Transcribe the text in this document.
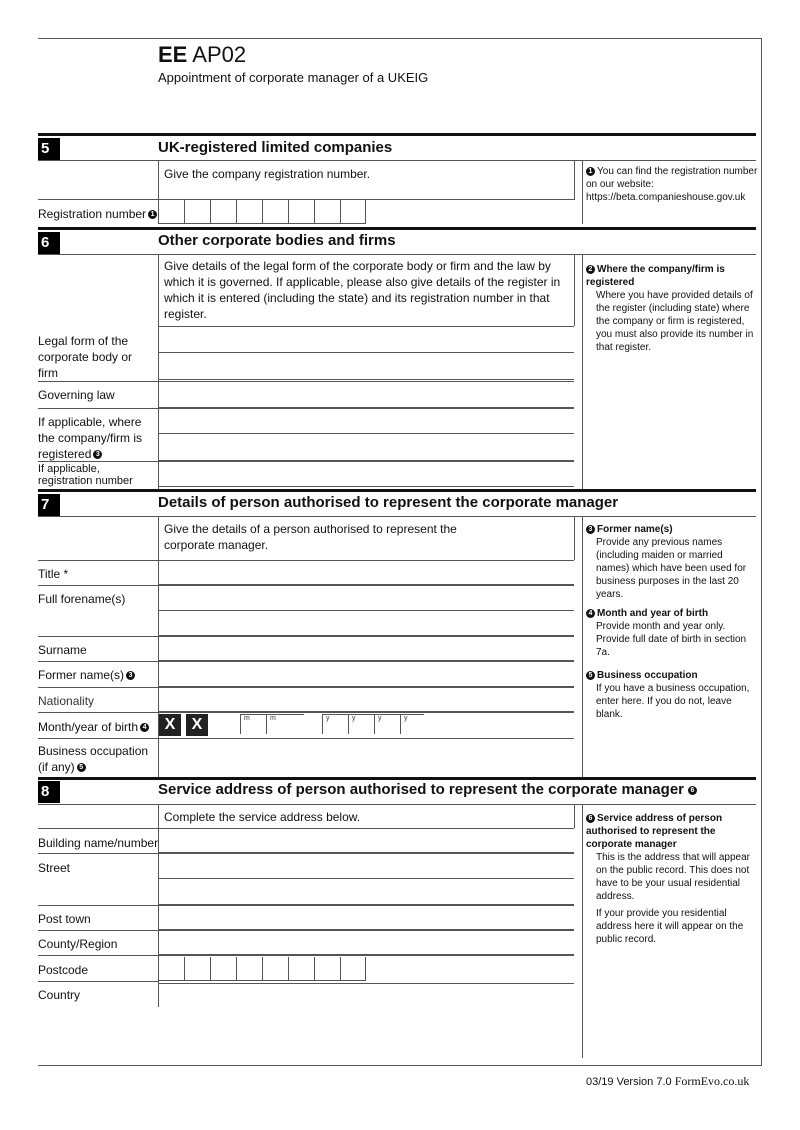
EE AP02
Appointment of corporate manager of a UKEIG
5	UK-registered limited companies
Give the company registration number.	1 You can find the registration number on our website: https://beta.companieshouse.gov.uk
Registration number 1
6	Other corporate bodies and firms
Give details of the legal form of the corporate body or firm and the law by which it is governed. If applicable, please also give details of the register in which it is entered (including the state) and its registration number in that register.
2 Where the company/firm is registered
Where you have provided details of the register (including state) where the company or firm is registered, you must also provide its number in that register.
Legal form of the corporate body or firm
Governing law
If applicable, where the company/firm is registered 3
If applicable, registration number
7	Details of person authorised to represent the corporate manager
Give the details of a person authorised to represent the corporate manager.
3 Former name(s)
Provide any previous names (including maiden or married names) which have been used for business purposes in the last 20 years.
4 Month and year of birth
Provide month and year only. Provide full date of birth in section 7a.
5 Business occupation
If you have a business occupation, enter here. If you do not, leave blank.
Title *
Full forename(s)
Surname
Former name(s) 3
Nationality
Month/year of birth 4	X	X	m	m	y	y	y	y
Business occupation (if any) 5
8	Service address of person authorised to represent the corporate manager 6
Complete the service address below.	6 Service address of person authorised to represent the corporate manager
This is the address that will appear on the public record. This does not have to be your usual residential address.
If your provide you residential address here it will appear on the public record.
Building name/number
Street
Post town
County/Region
Postcode
Country
03/19 Version 7.0 FormEvo.co.uk
